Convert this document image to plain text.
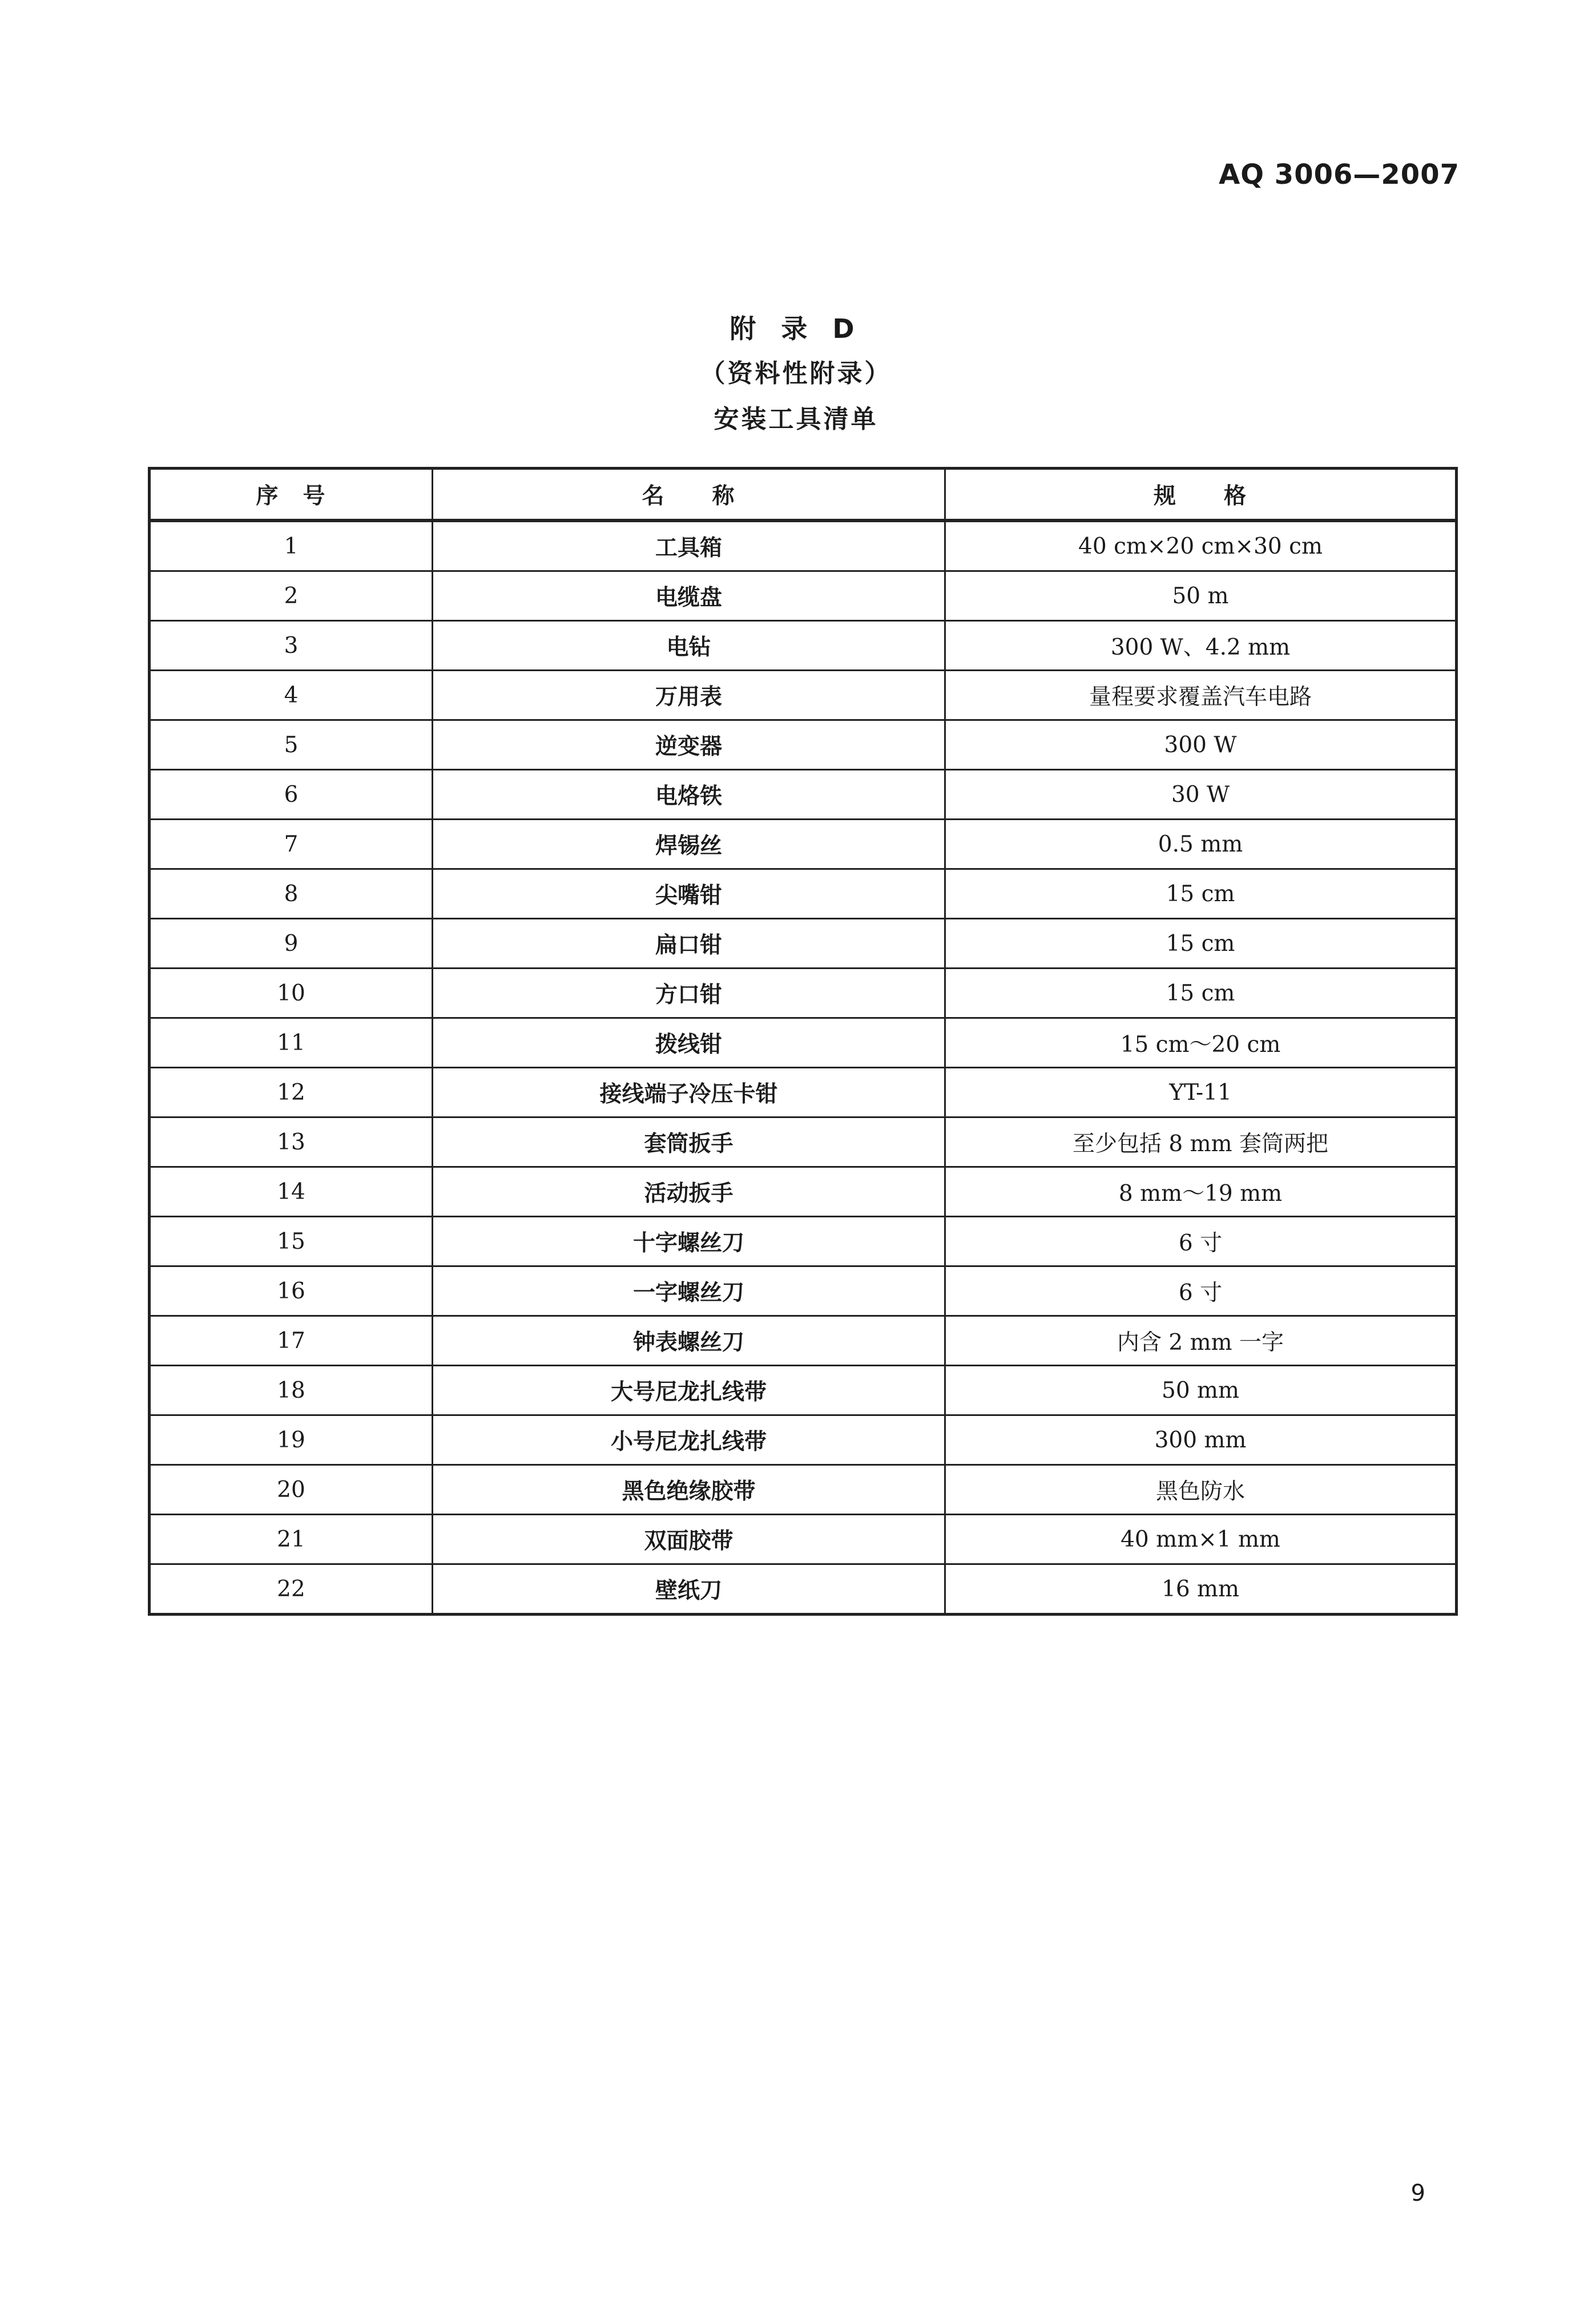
AQ 3006—2007
附 录 D
（资料性附录）
安装工具清单
序　号	名　　称	规　　格
1	工具箱	40 cm×20 cm×30 cm
2	电缆盘	50 m
3	电钻	300 W、4.2 mm
4	万用表	量程要求覆盖汽车电路
5	逆变器	300 W
6	电烙铁	30 W
7	焊锡丝	0.5 mm
8	尖嘴钳	15 cm
9	扁口钳	15 cm
10	方口钳	15 cm
11	拨线钳	15 cm～20 cm
12	接线端子冷压卡钳	YT-11
13	套筒扳手	至少包括 8 mm 套筒两把
14	活动扳手	8 mm～19 mm
15	十字螺丝刀	6 寸
16	一字螺丝刀	6 寸
17	钟表螺丝刀	内含 2 mm 一字
18	大号尼龙扎线带	50 mm
19	小号尼龙扎线带	300 mm
20	黑色绝缘胶带	黑色防水
21	双面胶带	40 mm×1 mm
22	壁纸刀	16 mm
9
